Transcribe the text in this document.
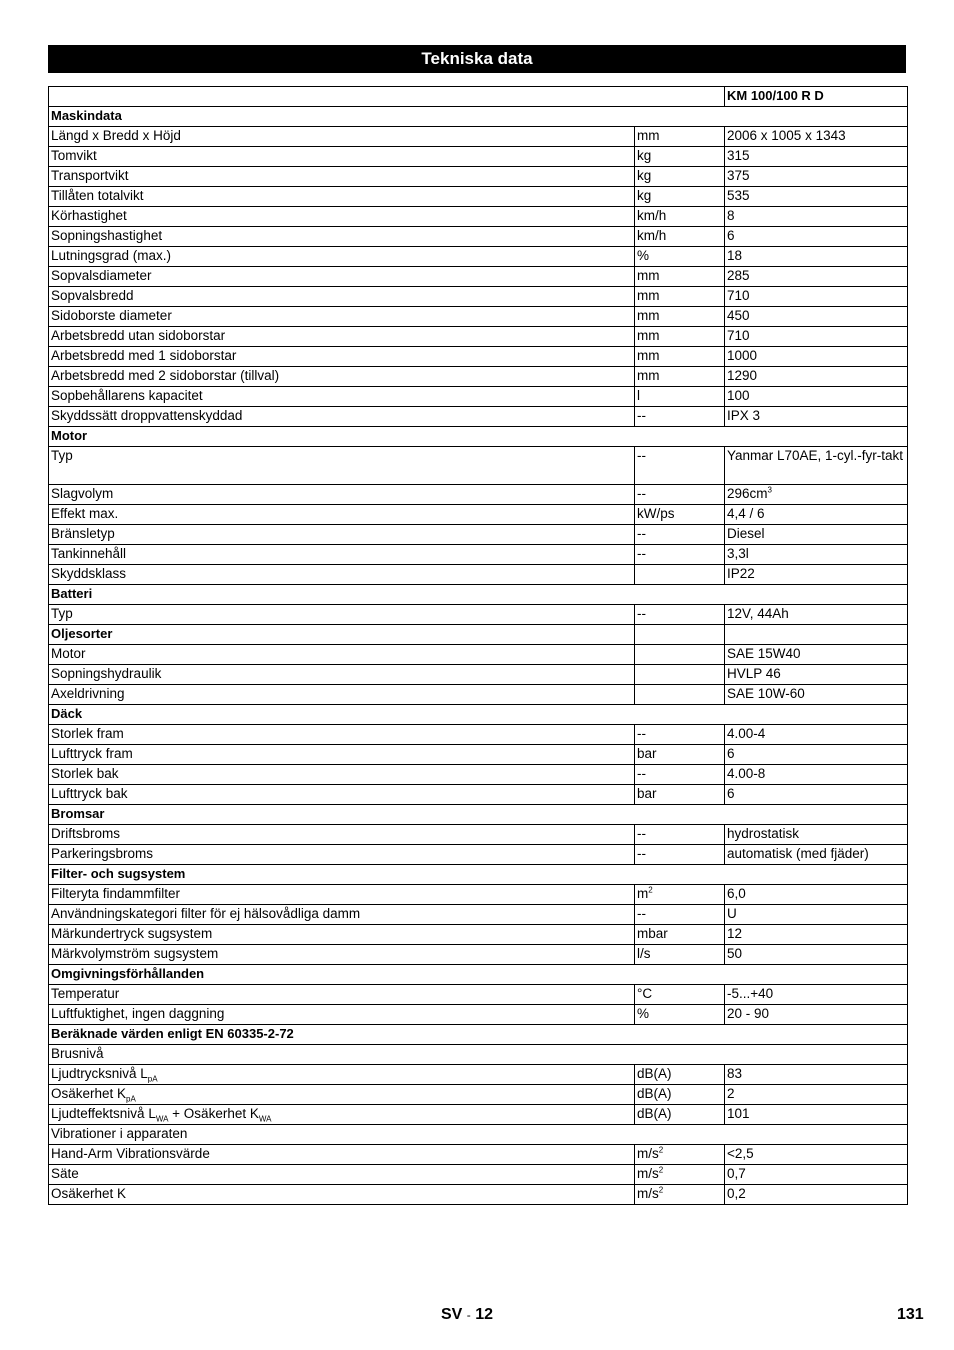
Tekniska data
		KM 100/100 R D
Maskindata		
Längd x Bredd x Höjd	mm	2006 x 1005 x 1343
Tomvikt	kg	315
Transportvikt	kg	375
Tillåten totalvikt	kg	535
Körhastighet	km/h	8
Sopningshastighet	km/h	6
Lutningsgrad (max.)	%	18
Sopvalsdiameter	mm	285
Sopvalsbredd	mm	710
Sidoborste diameter	mm	450
Arbetsbredd utan sidoborstar	mm	710
Arbetsbredd med 1 sidoborstar	mm	1000
Arbetsbredd med 2 sidoborstar (tillval)	mm	1290
Sopbehållarens kapacitet	l	100
Skyddssätt droppvattenskyddad	--	IPX 3
Motor		
Typ	--	Yanmar L70AE, 1-cyl.-fyr-takt
Slagvolym	--	$296cm^3$
Effekt max.	kW/ps	4,4 / 6
Bränsletyp	--	Diesel
Tankinnehåll	--	3,3l
Skyddsklass		IP22
Batteri		
Typ	--	12V, 44Ah
Oljesorter		
Motor		SAE 15W40
Sopningshydraulik		HVLP 46
Axeldrivning		SAE 10W-60
Däck		
Storlek fram	--	4.00-4
Lufttryck fram	bar	6
Storlek bak	--	4.00-8
Lufttryck bak	bar	6
Bromsar		
Driftsbroms	--	hydrostatisk
Parkeringsbroms	--	automatisk (med fjäder)
Filter- och sugsystem		
Filteryta findammfilter	$m^2$	6,0
Användningskategori filter för ej hälsovådliga damm	--	U
Märkundertryck sugsystem	mbar	12
Märkvolymström sugsystem	l/s	50
Omgivningsförhållanden		
Temperatur	°C	-5...+40
Luftfuktighet, ingen daggning	%	20 - 90
Beräknade värden enligt EN 60335-2-72		
Brusnivå		
Ljudtrycksnivå $L_{pA}$	dB(A)	83
Osäkerhet $K_{pA}$	dB(A)	2
Ljudteffektsnivå $L_{WA}$ + Osäkerhet $K_{WA}$	dB(A)	101
Vibrationer i apparaten		
Hand-Arm Vibrationsvärde	$m/s^2$	<2,5
Säte	$m/s^2$	0,7
Osäkerhet K	$m/s^2$	0,2
SV - 12	131
